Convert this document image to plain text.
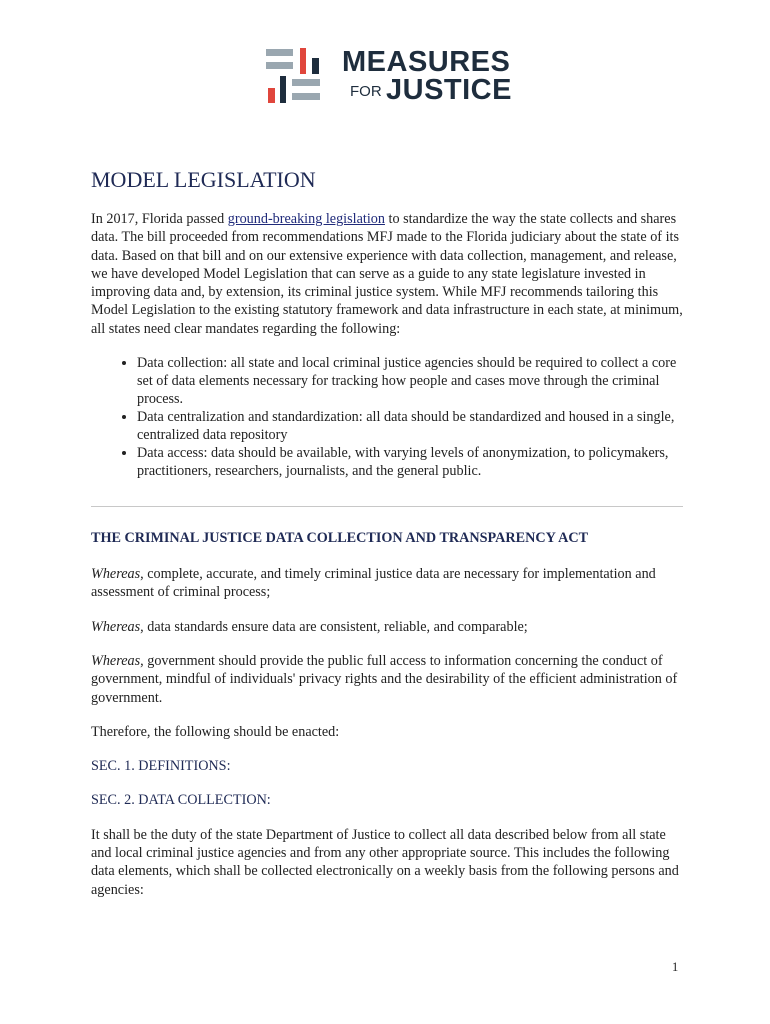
MEASURES
FOR JUSTICE
MODEL LEGISLATION

In 2017, Florida passed ground-breaking legislation to standardize the way the state collects and shares data. The bill proceeded from recommendations MFJ made to the Florida judiciary about the state of its data. Based on that bill and on our extensive experience with data collection, management, and release, we have developed Model Legislation that can serve as a guide to any state legislature invested in improving data and, by extension, its criminal justice system. While MFJ recommends tailoring this Model Legislation to the existing statutory framework and data infrastructure in each state, at minimum, all states need clear mandates regarding the following:

• Data collection: all state and local criminal justice agencies should be required to collect a core set of data elements necessary for tracking how people and cases move through the criminal process.
• Data centralization and standardization: all data should be standardized and housed in a single, centralized data repository
• Data access: data should be available, with varying levels of anonymization, to policymakers, practitioners, researchers, journalists, and the general public.
THE CRIMINAL JUSTICE DATA COLLECTION AND TRANSPARENCY ACT

Whereas, complete, accurate, and timely criminal justice data are necessary for implementation and assessment of criminal process;

Whereas, data standards ensure data are consistent, reliable, and comparable;

Whereas, government should provide the public full access to information concerning the conduct of government, mindful of individuals' privacy rights and the desirability of the efficient administration of government.

Therefore, the following should be enacted:

SEC. 1. DEFINITIONS:

SEC. 2. DATA COLLECTION:

It shall be the duty of the state Department of Justice to collect all data described below from all state and local criminal justice agencies and from any other appropriate source. This includes the following data elements, which shall be collected electronically on a weekly basis from the following persons and agencies:

1
